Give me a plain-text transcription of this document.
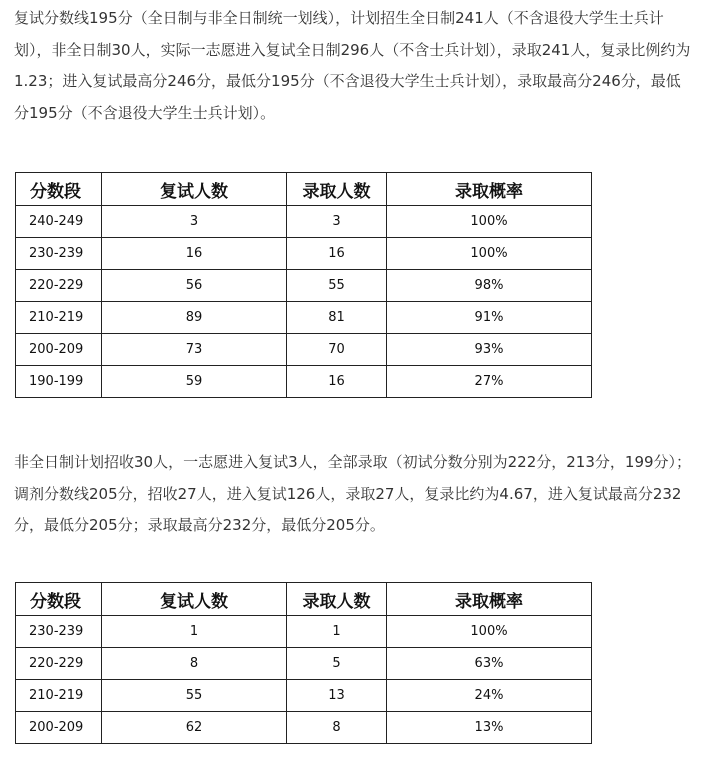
复试分数线195分（全日制与非全日制统一划线），计划招生全日制241人（不含退役大学生士兵计划），非全日制30人，实际一志愿进入复试全日制296人（不含士兵计划），录取241人，复录比例约为1.23；进入复试最高分246分，最低分195分（不含退役大学生士兵计划），录取最高分246分，最低分195分（不含退役大学生士兵计划）。

分数段	复试人数	录取人数	录取概率
240-249	3	3	100%
230-239	16	16	100%
220-229	56	55	98%
210-219	89	81	91%
200-209	73	70	93%
190-199	59	16	27%

非全日制计划招收30人，一志愿进入复试3人，全部录取（初试分数分别为222分，213分，199分）；调剂分数线205分，招收27人，进入复试126人，录取27人，复录比约为4.67，进入复试最高分232分，最低分205分；录取最高分232分，最低分205分。

分数段	复试人数	录取人数	录取概率
230-239	1	1	100%
220-229	8	5	63%
210-219	55	13	24%
200-209	62	8	13%
